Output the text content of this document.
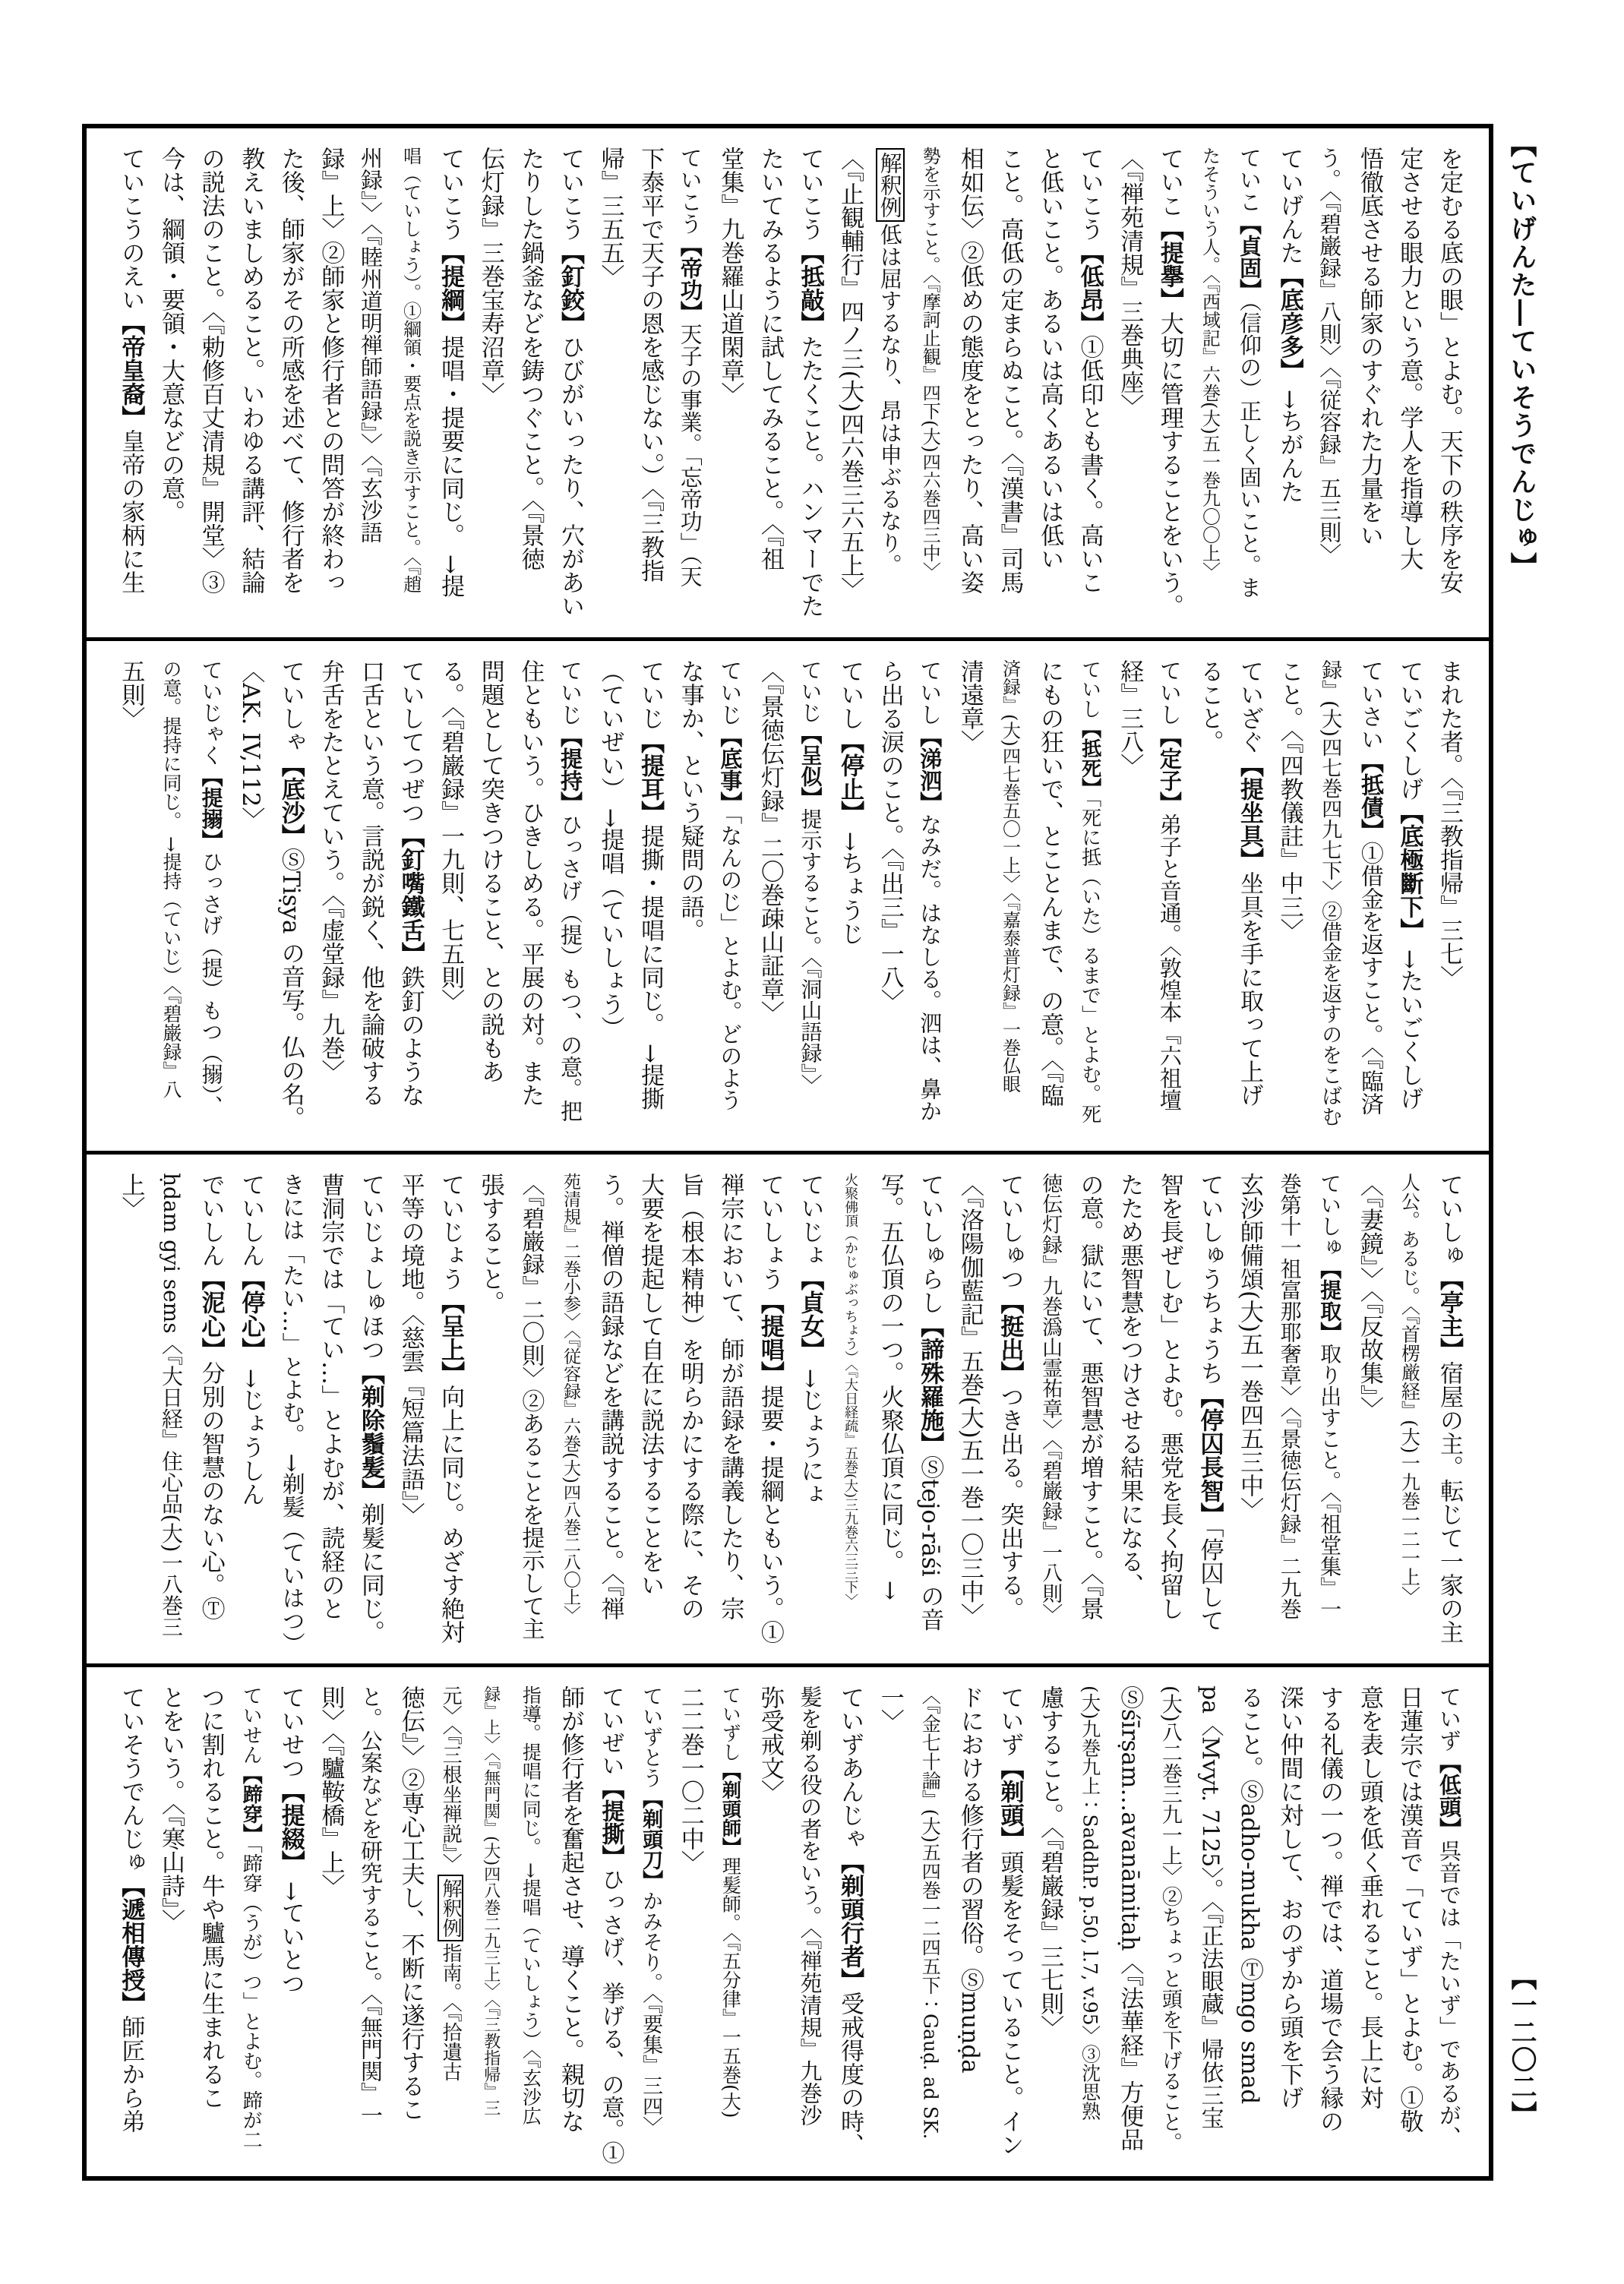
【ていげんた―ていそうでんじゅ】
【一二〇二】
を定むる底の眼」とよむ。天下の秩序を安
定させる眼力という意。学人を指導し大
悟徹底させる師家のすぐれた力量をい
う。〈『碧巌録』八則〉〈『従容録』五三則〉
ていげんた【底彦多】 →ちがんた
ていこ【貞固】（信仰の）正しく固いこと。ま
たそういう人。〈『西域記』六巻(大)五一巻九〇〇上〉
ていこ【提擧】大切に管理することをいう。
〈『禅苑清規』三巻典座〉
ていこう【低昂】①低印とも書く。高いこ
と低いこと。あるいは高くあるいは低い
こと。高低の定まらぬこと。〈『漢書』司馬
相如伝〉②低めの態度をとったり、高い姿
勢を示すこと。〈『摩訶止観』四下(大)四六巻四三中〉
解釈例低は屈するなり、昂は申ぶるなり。
〈『止観輔行』四ノ三(大)四六巻三六五上〉
ていこう【抵敲】たたくこと。ハンマーでた
たいてみるように試してみること。〈『祖
堂集』九巻羅山道閑章〉
ていこう【帝功】天子の事業。「忘帝功」（天
下泰平で天子の恩を感じない。）〈『三教指
帰』三五五〉
ていこう【釘鉸】ひびがいったり、穴があい
たりした鍋釜などを鋳つぐこと。〈『景徳
伝灯録』三巻宝寿沼章〉
ていこう【提綱】提唱・提要に同じ。 →提
唱（ていしょう）。①綱領・要点を説き示すこと。〈『趙
州録』〉〈『睦州道明禅師語録』〉〈『玄沙語
録』上〉②師家と修行者との問答が終わっ
た後、師家がその所感を述べて、修行者を
教えいましめること。いわゆる講評、結論
の説法のこと。〈『勅修百丈清規』開堂〉③
今は、綱領・要領・大意などの意。
ていこうのえい【帝皇裔】皇帝の家柄に生
まれた者。〈『三教指帰』三七〉
ていごくしげ【底極斷下】 →たいごくしげ
ていさい【抵債】①借金を返すこと。〈『臨済
録』(大)四七巻四九七下〉②借金を返すのをこばむ
こと。〈『四教儀註』中三〉
ていざぐ【提坐具】坐具を手に取って上げ
ること。
ていし【定子】弟子と音通。〈敦煌本『六祖壇
経』三八〉
ていし【抵死】「死に抵（いた）るまで」とよむ。死
にもの狂いで、とことんまで、の意。〈『臨
済録』(大)四七巻五〇一上〉〈『嘉泰普灯録』一巻仏眼
清遠章〉
ていし【涕泗】なみだ。はなしる。泗は、鼻か
ら出る涙のこと。〈『出三』一八〉
ていし【停止】 →ちょうじ
ていじ【呈似】提示すること。〈『洞山語録』〉
〈『景徳伝灯録』二〇巻疎山証章〉
ていじ【底事】「なんのじ」とよむ。どのよう
な事か、という疑問の語。
ていじ【提耳】提撕・提唱に同じ。 →提撕
（ていぜい） →提唱（ていしょう）
ていじ【提持】ひっさげ（提）もつ、の意。把
住ともいう。ひきしめる。平展の対。また
問題として突きつけること、との説もあ
る。〈『碧巌録』一九則、七五則〉
ていしてつぜつ【釘嘴鐵舌】鉄釘のような
口舌という意。言説が鋭く、他を論破する
弁舌をたとえていう。〈『虚堂録』九巻〉
ていしゃ【底沙】ⓈTiṣya の音写。仏の名。
〈AK. IV,112〉
ていじゃく【提搦】ひっさげ（提）もつ（搦）、
の意。提持に同じ。 →提持（ていじ）〈『碧巌録』八
五則〉
ていしゅ【亭主】宿屋の主。転じて一家の主
人公。あるじ。〈『首楞厳経』(大)一九巻一二一上〉
〈『妻鏡』〉〈『反故集』〉
ていしゅ【提取】取り出すこと。〈『祖堂集』一
巻第十一祖富那耶奢章〉〈『景徳伝灯録』二九巻
玄沙師備頌(大)五一巻四五三中〉
ていしゅうちょうち【停囚長智】「停囚して
智を長ぜしむ」とよむ。悪党を長く拘留し
たため悪智慧をつけさせる結果になる、
の意。獄にいて、悪智慧が増すこと。〈『景
徳伝灯録』九巻潙山霊祐章〉〈『碧巌録』一八則〉
ていしゅつ【挺出】つき出る。突出する。
〈『洛陽伽藍記』五巻(大)五一巻一〇三中〉
ていしゅらし【諦殊羅施】Ⓢtejo-rāśi の音
写。五仏頂の一つ。火聚仏頂に同じ。 →
火聚佛頂（かじゅぶっちょう）〈『大日経疏』五巻(大)三九巻六三三下〉
ていじょ【貞女】 →じょうにょ
ていしょう【提唱】提要・提綱ともいう。①
禅宗において、師が語録を講義したり、宗
旨（根本精神）を明らかにする際に、その
大要を提起して自在に説法することをい
う。禅僧の語録などを講説すること。〈『禅
苑清規』二巻小参〉〈『従容録』六巻(大)四八巻二八〇上〉
〈『碧巌録』二〇則〉②あることを提示して主
張すること。
ていじょう【呈上】向上に同じ。めざす絶対
平等の境地。〈慈雲『短篇法語』〉
ていじょしゅほつ【剃除鬚髪】剃髪に同じ。
曹洞宗では「てい…」とよむが、読経のと
きには「たい…」とよむ。 →剃髪（ていはつ）
ていしん【停心】 →じょうしん
でいしん【泥心】分別の智慧のない心。Ⓣ
ḥdam gyi sems〈『大日経』住心品(大)一八巻三
上〉
ていず【低頭】呉音では「たいず」であるが、
日蓮宗では漢音で「ていず」とよむ。①敬
意を表し頭を低く垂れること。長上に対
する礼儀の一つ。禅では、道場で会う縁の
深い仲間に対して、おのずから頭を下げ
ること。Ⓢadho-mukha Ⓣmgo smad
pa〈Mvyt. 7125〉。〈『正法眼蔵』帰依三宝
(大)八二巻三九一上〉②ちょっと頭を下げること。
Ⓢśīrṣam…avanāmitaḥ〈『法華経』方便品
(大)九巻九上：SaddhP. p.50, l.7, v.95〉③沈思熟
慮すること。〈『碧巌録』三七則〉
ていず【剃頭】頭髪をそっていること。イン
ドにおける修行者の習俗。Ⓢmuṇḍa
〈『金七十論』(大)五四巻一二四五下：Gauḍ. ad SK.
一〉
ていずあんじゃ【剃頭行者】受戒得度の時、
髪を剃る役の者をいう。〈『禅苑清規』九巻沙
弥受戒文〉
ていずし【剃頭師】理髪師。〈『五分律』一五巻(大)
二二巻一〇二中〉
ていずとう【剃頭刀】かみそり。〈『要集』三四〉
ていぜい【提撕】ひっさげ、挙げる、の意。①
師が修行者を奮起させ、導くこと。親切な
指導。提唱に同じ。 →提唱（ていしょう）〈『玄沙広
録』上〉〈『無門関』(大)四八巻二九三上〉〈『三教指帰』三
元〉〈『三根坐禅説』〉解釈例指南。〈『拾遺古
徳伝』〉②専心工夫し、不断に遂行するこ
と。公案などを研究すること。〈『無門関』一
則〉〈『驢鞍橋』上〉
ていせつ【提綴】 →ていとつ
ていせん【蹄穿】「蹄穿（うが）つ」とよむ。蹄が二
つに割れること。牛や驢馬に生まれるこ
とをいう。〈『寒山詩』〉
ていそうでんじゅ【遞相傳授】師匠から弟
